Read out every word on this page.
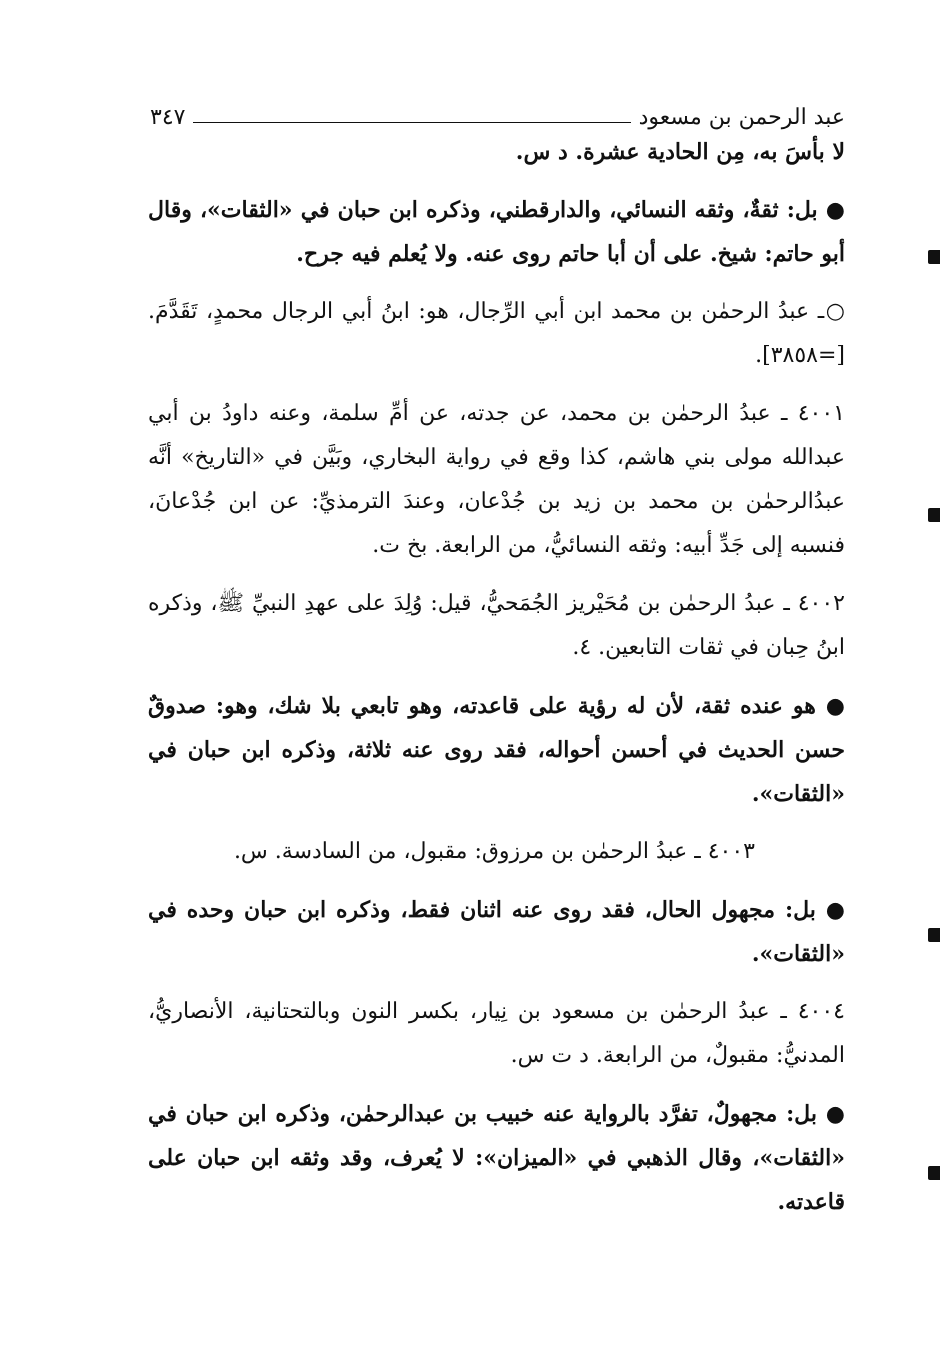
عبد الرحمن بن مسعود
٣٤٧

لا بأسَ به، مِن الحادية عشرة. د س.

● بل: ثقةٌ، وثقه النسائي، والدارقطني، وذكره ابن حبان في «الثقات»، وقال أبو حاتم: شيخ. على أن أبا حاتم روى عنه. ولا يُعلم فيه جرح.

○ـ عبدُ الرحمٰن بن محمد ابن أبي الرِّجال، هو: ابنُ أبي الرجال محمدٍ، تَقَدَّمَ. [=٣٨٥٨].

٤٠٠١ ـ عبدُ الرحمٰن بن محمد، عن جدته، عن أمِّ سلمة، وعنه داودُ بن أبي عبدالله مولى بني هاشم، كذا وقع في رواية البخاري، وبَيَّن في «التاريخ» أنَّه عبدُالرحمٰن بن محمد بن زيد بن جُدْعان، وعندَ الترمذيِّ: عن ابن جُدْعانَ، فنسبه إلى جَدِّ أبيه: وثقه النسائيُّ، من الرابعة. بخ ت.

٤٠٠٢ ـ عبدُ الرحمٰن بن مُحَيْريز الجُمَحيُّ، قيل: وُلِدَ على عهدِ النبيِّ ﷺ، وذكره ابنُ حِبان في ثقات التابعين. ٤.

● هو عنده ثقة، لأن له رؤية على قاعدته، وهو تابعي بلا شك، وهو: صدوقٌ حسن الحديث في أحسن أحواله، فقد روى عنه ثلاثة، وذكره ابن حبان في «الثقات».

٤٠٠٣ ـ عبدُ الرحمٰن بن مرزوق: مقبول، من السادسة. س.

● بل: مجهول الحال، فقد روى عنه اثنان فقط، وذكره ابن حبان وحده في «الثقات».

٤٠٠٤ ـ عبدُ الرحمٰن بن مسعود بن نِيار، بكسر النون وبالتحتانية، الأنصاريُّ، المدنيُّ: مقبولٌ، من الرابعة. د ت س.

● بل: مجهولٌ، تفرَّد بالرواية عنه خبيب بن عبدالرحمٰن، وذكره ابن حبان في «الثقات»، وقال الذهبي في «الميزان»: لا يُعرف، وقد وثقه ابن حبان على قاعدته.
